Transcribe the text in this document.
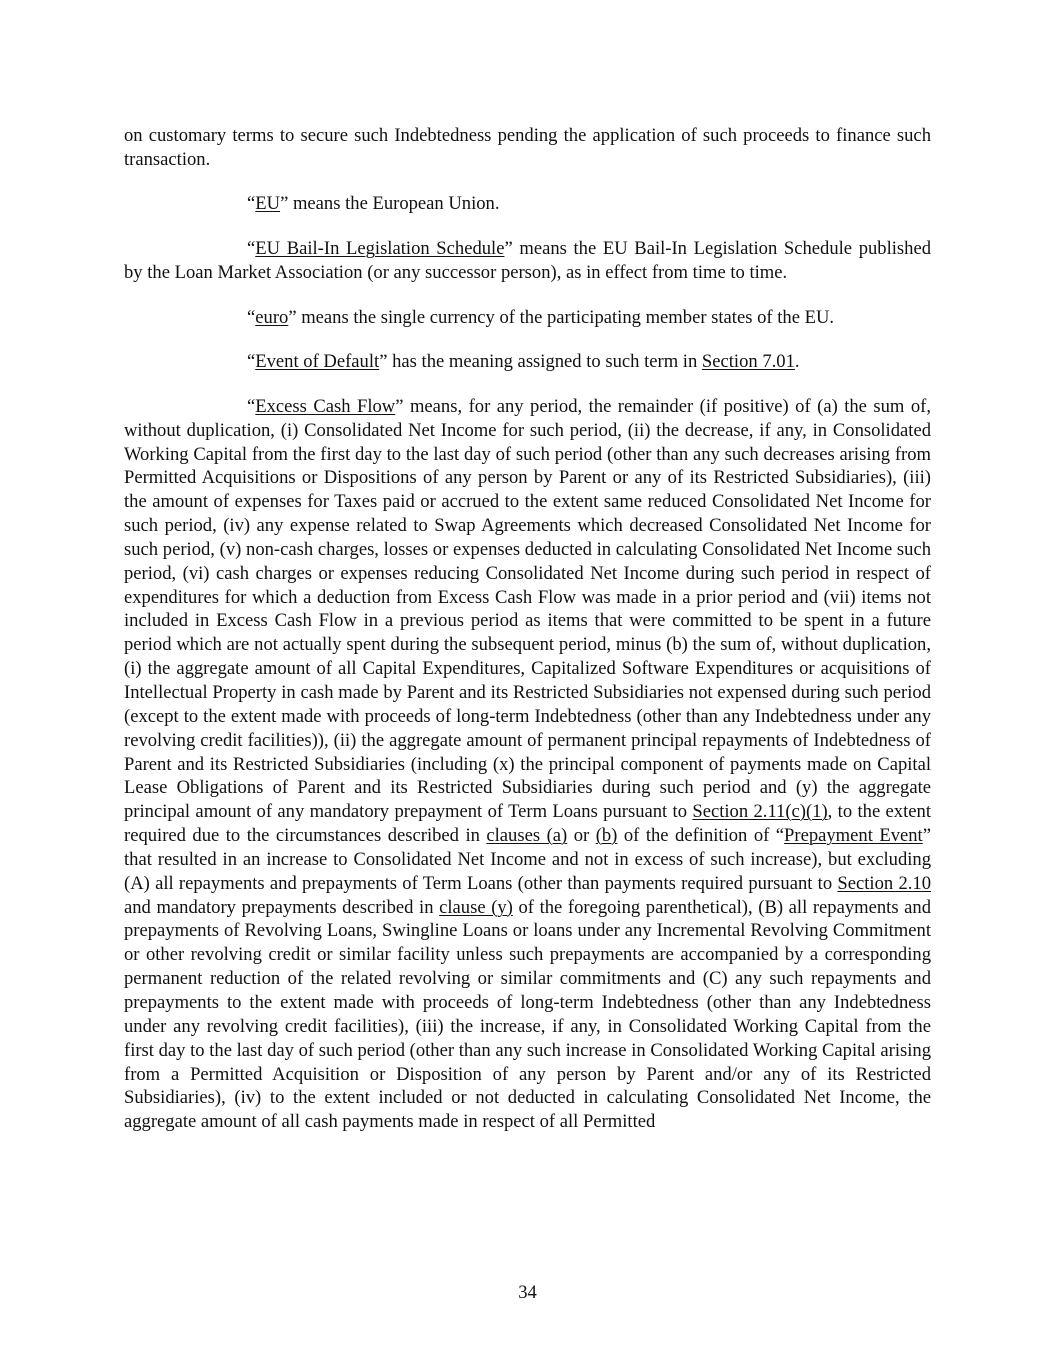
on customary terms to secure such Indebtedness pending the application of such proceeds to finance such transaction.

“EU” means the European Union.

“EU Bail-In Legislation Schedule” means the EU Bail-In Legislation Schedule published by the Loan Market Association (or any successor person), as in effect from time to time.

“euro” means the single currency of the participating member states of the EU.

“Event of Default” has the meaning assigned to such term in Section 7.01.

“Excess Cash Flow” means, for any period, the remainder (if positive) of (a) the sum of, without duplication, (i) Consolidated Net Income for such period, (ii) the decrease, if any, in Consolidated Working Capital from the first day to the last day of such period (other than any such decreases arising from Permitted Acquisitions or Dispositions of any person by Parent or any of its Restricted Subsidiaries), (iii) the amount of expenses for Taxes paid or accrued to the extent same reduced Consolidated Net Income for such period, (iv) any expense related to Swap Agreements which decreased Consolidated Net Income for such period, (v) non-cash charges, losses or expenses deducted in calculating Consolidated Net Income such period, (vi) cash charges or expenses reducing Consolidated Net Income during such period in respect of expenditures for which a deduction from Excess Cash Flow was made in a prior period and (vii) items not included in Excess Cash Flow in a previous period as items that were committed to be spent in a future period which are not actually spent during the subsequent period, minus (b) the sum of, without duplication, (i) the aggregate amount of all Capital Expenditures, Capitalized Software Expenditures or acquisitions of Intellectual Property in cash made by Parent and its Restricted Subsidiaries not expensed during such period (except to the extent made with proceeds of long-term Indebtedness (other than any Indebtedness under any revolving credit facilities)), (ii) the aggregate amount of permanent principal repayments of Indebtedness of Parent and its Restricted Subsidiaries (including (x) the principal component of payments made on Capital Lease Obligations of Parent and its Restricted Subsidiaries during such period and (y) the aggregate principal amount of any mandatory prepayment of Term Loans pursuant to Section 2.11(c)(1), to the extent required due to the circumstances described in clauses (a) or (b) of the definition of “Prepayment Event” that resulted in an increase to Consolidated Net Income and not in excess of such increase), but excluding (A) all repayments and prepayments of Term Loans (other than payments required pursuant to Section 2.10 and mandatory prepayments described in clause (y) of the foregoing parenthetical), (B) all repayments and prepayments of Revolving Loans, Swingline Loans or loans under any Incremental Revolving Commitment or other revolving credit or similar facility unless such prepayments are accompanied by a corresponding permanent reduction of the related revolving or similar commitments and (C) any such repayments and prepayments to the extent made with proceeds of long-term Indebtedness (other than any Indebtedness under any revolving credit facilities), (iii) the increase, if any, in Consolidated Working Capital from the first day to the last day of such period (other than any such increase in Consolidated Working Capital arising from a Permitted Acquisition or Disposition of any person by Parent and/or any of its Restricted Subsidiaries), (iv) to the extent included or not deducted in calculating Consolidated Net Income, the aggregate amount of all cash payments made in respect of all Permitted

34
